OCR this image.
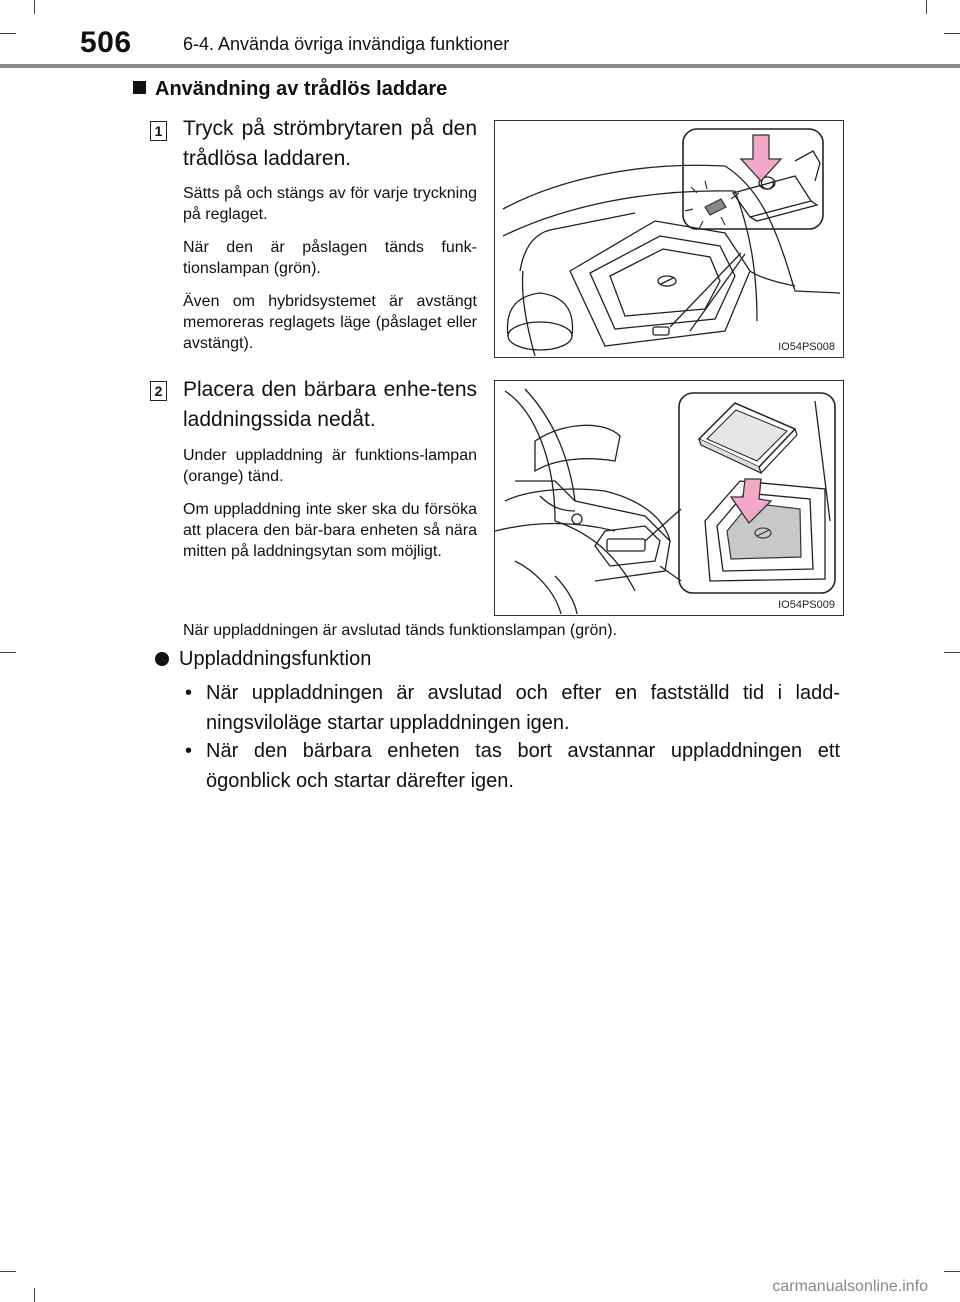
506	6-4. Använda övriga invändiga funktioner
Användning av trådlös laddare
1 Tryck på strömbrytaren på den trådlösa laddaren.
Sätts på och stängs av för varje tryckning på reglaget.
När den är påslagen tänds funk-tionslampan (grön).
Även om hybridsystemet är avstängt memoreras reglagets läge (påslaget eller avstängt).	IO54PS008
2 Placera den bärbara enhe-tens laddningssida nedåt.
Under uppladdning är funktions-lampan (orange) tänd.
Om uppladdning inte sker ska du försöka att placera den bär-bara enheten så nära mitten på laddningsytan som möjligt.
IO54PS009
När uppladdningen är avslutad tänds funktionslampan (grön).
Uppladdningsfunktion
• När uppladdningen är avslutad och efter en fastställd tid i ladd-ningsviloläge startar uppladdningen igen.
• När den bärbara enheten tas bort avstannar uppladdningen ett ögonblick och startar därefter igen.
carmanualsonline.info
